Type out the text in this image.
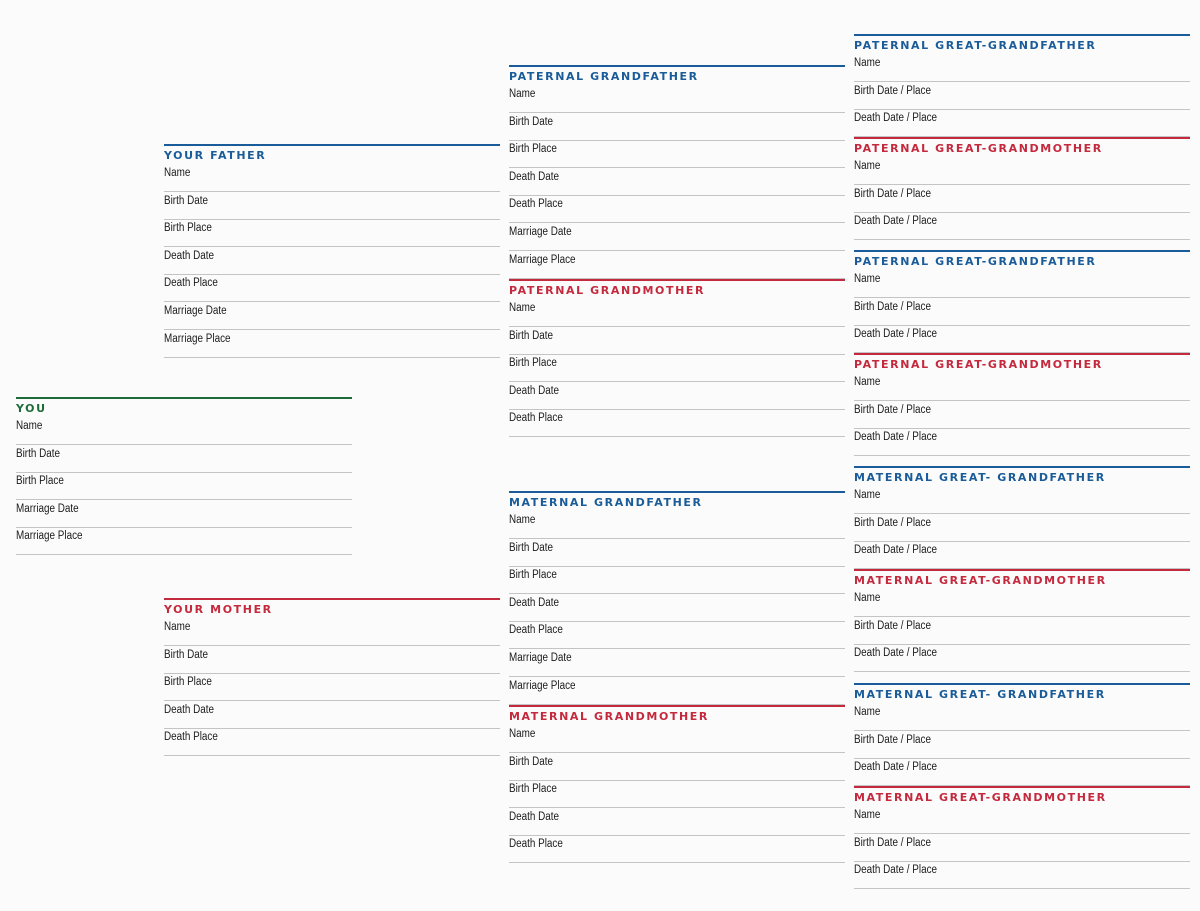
YOU
Name
Birth Date
Birth Place
Marriage Date
Marriage Place
YOUR FATHER
Name
Birth Date
Birth Place
Death Date
Death Place
Marriage Date
Marriage Place
YOUR MOTHER
Name
Birth Date
Birth Place
Death Date
Death Place
PATERNAL GRANDFATHER
Name
Birth Date
Birth Place
Death Date
Death Place
Marriage Date
Marriage Place
PATERNAL GRANDMOTHER
Name
Birth Date
Birth Place
Death Date
Death Place
MATERNAL GRANDFATHER
Name
Birth Date
Birth Place
Death Date
Death Place
Marriage Date
Marriage Place
MATERNAL GRANDMOTHER
Name
Birth Date
Birth Place
Death Date
Death Place
PATERNAL GREAT-GRANDFATHER
Name
Birth Date / Place
Death Date / Place
PATERNAL GREAT-GRANDMOTHER
Name
Birth Date / Place
Death Date / Place
PATERNAL GREAT-GRANDFATHER
Name
Birth Date / Place
Death Date / Place
PATERNAL GREAT-GRANDMOTHER
Name
Birth Date / Place
Death Date / Place
MATERNAL GREAT- GRANDFATHER
Name
Birth Date / Place
Death Date / Place
MATERNAL GREAT-GRANDMOTHER
Name
Birth Date / Place
Death Date / Place
MATERNAL GREAT- GRANDFATHER
Name
Birth Date / Place
Death Date / Place
MATERNAL GREAT-GRANDMOTHER
Name
Birth Date / Place
Death Date / Place
